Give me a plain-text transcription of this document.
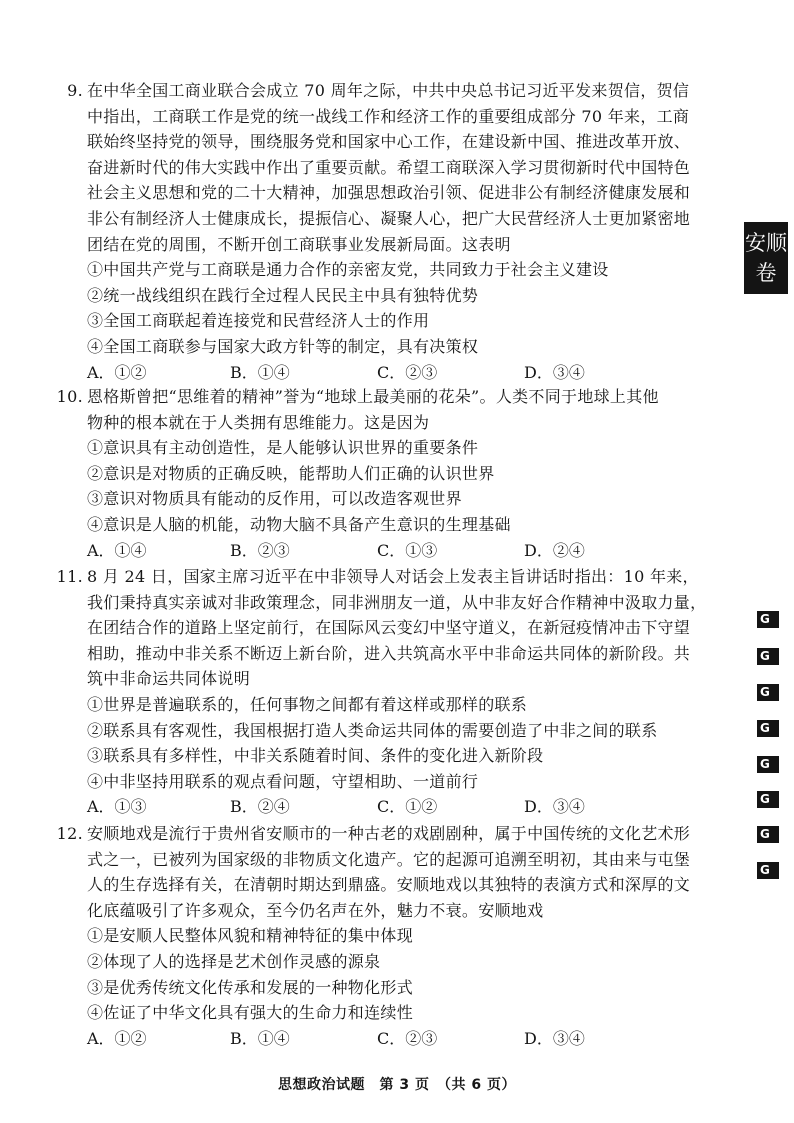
9. 在中华全国工商业联合会成立 70 周年之际，中共中央总书记习近平发来贺信，贺信
中指出，工商联工作是党的统一战线工作和经济工作的重要组成部分 70 年来，工商
联始终坚持党的领导，围绕服务党和国家中心工作，在建设新中国、推进改革开放、
奋进新时代的伟大实践中作出了重要贡献。希望工商联深入学习贯彻新时代中国特色
社会主义思想和党的二十大精神，加强思想政治引领、促进非公有制经济健康发展和
非公有制经济人士健康成长，提振信心、凝聚人心，把广大民营经济人士更加紧密地
团结在党的周围，不断开创工商联事业发展新局面。这表明
①中国共产党与工商联是通力合作的亲密友党，共同致力于社会主义建设
②统一战线组织在践行全过程人民民主中具有独特优势
③全国工商联起着连接党和民营经济人士的作用
④全国工商联参与国家大政方针等的制定，具有决策权
A．①②	B．①④	C．②③	D．③④
10. 恩格斯曾把“思维着的精神”誉为“地球上最美丽的花朵”。人类不同于地球上其他
物种的根本就在于人类拥有思维能力。这是因为
①意识具有主动创造性，是人能够认识世界的重要条件
②意识是对物质的正确反映，能帮助人们正确的认识世界
③意识对物质具有能动的反作用，可以改造客观世界
④意识是人脑的机能，动物大脑不具备产生意识的生理基础
A．①④	B．②③	C．①③	D．②④
11. 8 月 24 日，国家主席习近平在中非领导人对话会上发表主旨讲话时指出：10 年来，
我们秉持真实亲诚对非政策理念，同非洲朋友一道，从中非友好合作精神中汲取力量，
在团结合作的道路上坚定前行，在国际风云变幻中坚守道义，在新冠疫情冲击下守望
相助，推动中非关系不断迈上新台阶，进入共筑高水平中非命运共同体的新阶段。共
筑中非命运共同体说明
①世界是普遍联系的，任何事物之间都有着这样或那样的联系
②联系具有客观性，我国根据打造人类命运共同体的需要创造了中非之间的联系
③联系具有多样性，中非关系随着时间、条件的变化进入新阶段
④中非坚持用联系的观点看问题，守望相助、一道前行
A．①③	B．②④	C．①②	D．③④
12. 安顺地戏是流行于贵州省安顺市的一种古老的戏剧剧种，属于中国传统的文化艺术形
式之一，已被列为国家级的非物质文化遗产。它的起源可追溯至明初，其由来与屯堡
人的生存选择有关，在清朝时期达到鼎盛。安顺地戏以其独特的表演方式和深厚的文
化底蕴吸引了许多观众，至今仍名声在外，魅力不衰。安顺地戏
①是安顺人民整体风貌和精神特征的集中体现
②体现了人的选择是艺术创作灵感的源泉
③是优秀传统文化传承和发展的一种物化形式
④佐证了中华文化具有强大的生命力和连续性
A．①②	B．①④	C．②③	D．③④
安顺
卷
G
G
G
G
G
G
G
G
思想政治试题　第 3 页　（共 6 页）
